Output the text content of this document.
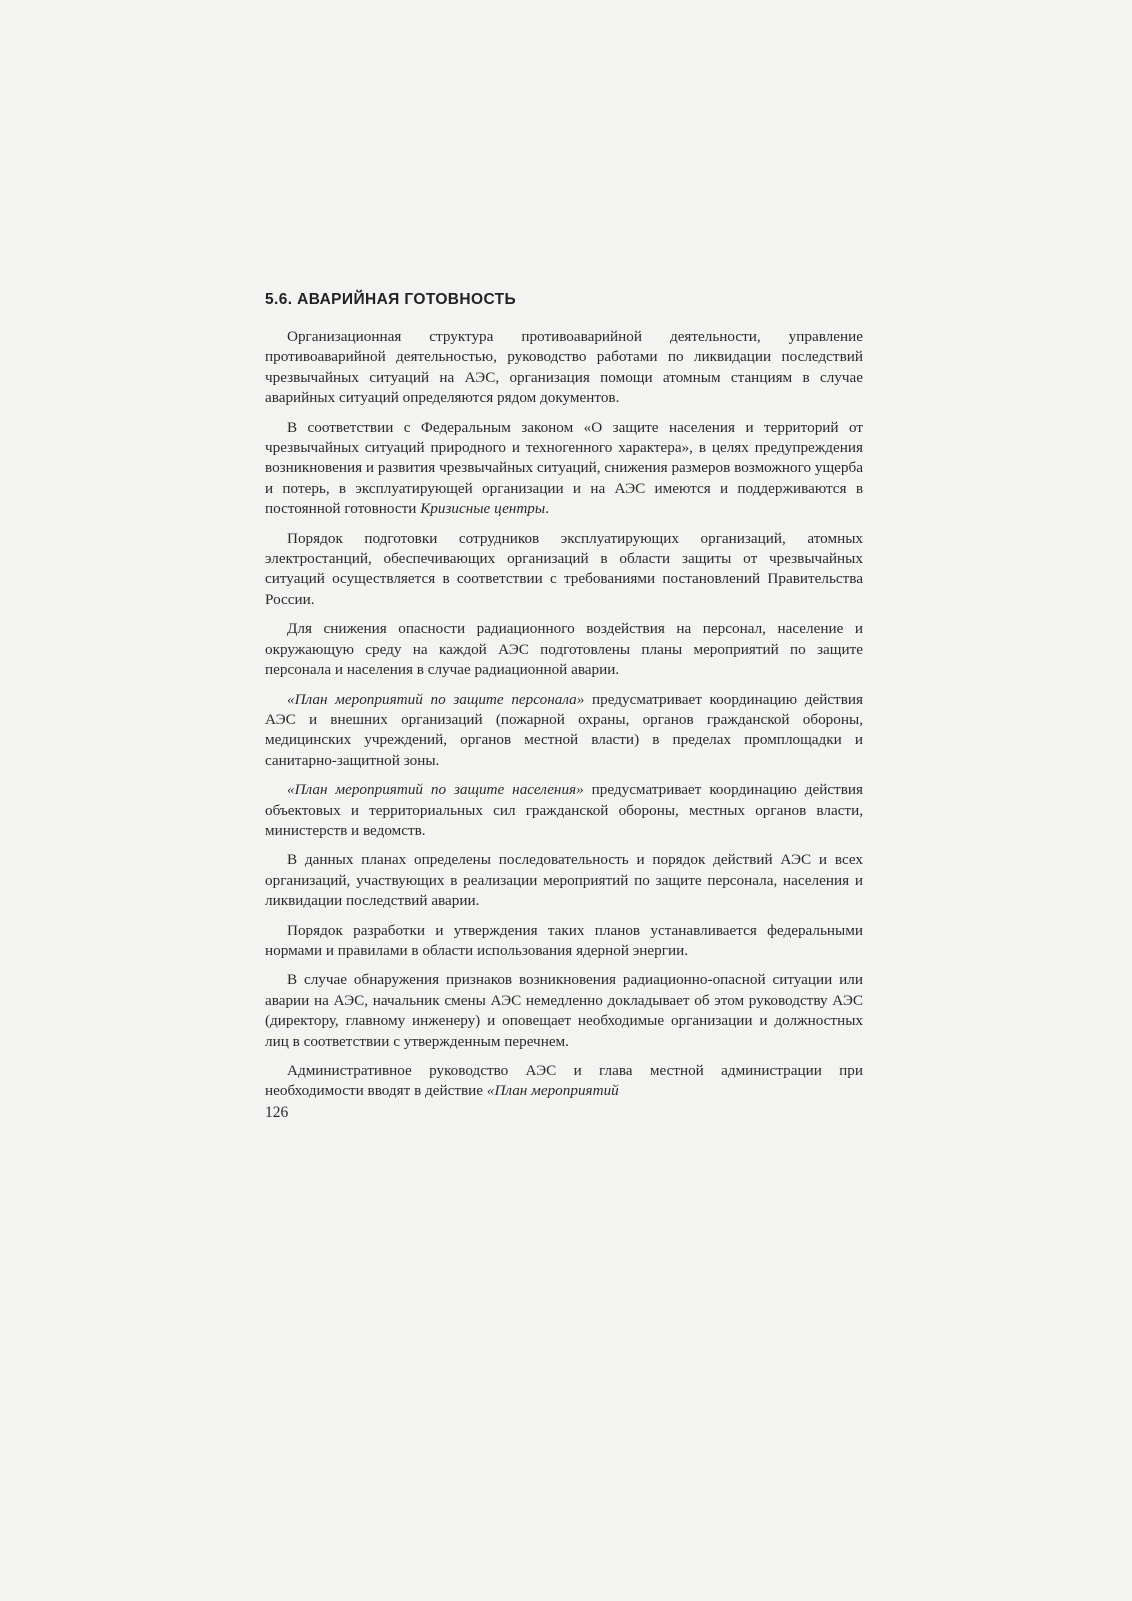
5.6. АВАРИЙНАЯ ГОТОВНОСТЬ

Организационная структура противоаварийной деятельности, управление противоаварийной деятельностью, руководство работами по ликвидации последствий чрезвычайных ситуаций на АЭС, организация помощи атомным станциям в случае аварийных ситуаций определяются рядом документов.

В соответствии с Федеральным законом «О защите населения и территорий от чрезвычайных ситуаций природного и техногенного характера», в целях предупреждения возникновения и развития чрезвычайных ситуаций, снижения размеров возможного ущерба и потерь, в эксплуатирующей организации и на АЭС имеются и поддерживаются в постоянной готовности Кризисные центры.

Порядок подготовки сотрудников эксплуатирующих организаций, атомных электростанций, обеспечивающих организаций в области защиты от чрезвычайных ситуаций осуществляется в соответствии с требованиями постановлений Правительства России.

Для снижения опасности радиационного воздействия на персонал, население и окружающую среду на каждой АЭС подготовлены планы мероприятий по защите персонала и населения в случае радиационной аварии.

«План мероприятий по защите персонала» предусматривает координацию действия АЭС и внешних организаций (пожарной охраны, органов гражданской обороны, медицинских учреждений, органов местной власти) в пределах промплощадки и санитарно-защитной зоны.

«План мероприятий по защите населения» предусматривает координацию действия объектовых и территориальных сил гражданской обороны, местных органов власти, министерств и ведомств.

В данных планах определены последовательность и порядок действий АЭС и всех организаций, участвующих в реализации мероприятий по защите персонала, населения и ликвидации последствий аварии.

Порядок разработки и утверждения таких планов устанавливается федеральными нормами и правилами в области использования ядерной энергии.

В случае обнаружения признаков возникновения радиационно-опасной ситуации или аварии на АЭС, начальник смены АЭС немедленно докладывает об этом руководству АЭС (директору, главному инженеру) и оповещает необходимые организации и должностных лиц в соответствии с утвержденным перечнем.

Административное руководство АЭС и глава местной администрации при необходимости вводят в действие «План мероприятий

126
